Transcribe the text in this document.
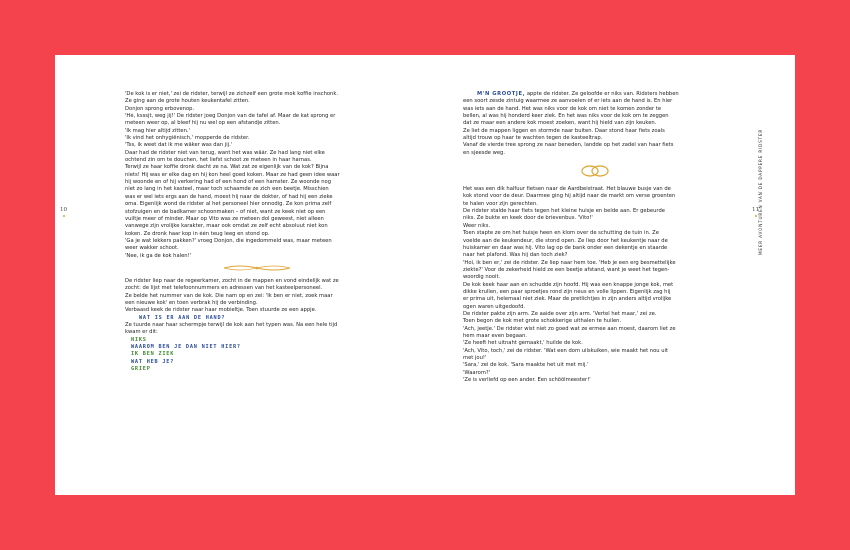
10	11
MEER AVONTUREN VAN DE DAPPERE RIDSTER

'De kok is er niet,' zei de ridster, terwijl ze zichzelf een grote mok koffie inschonk.

Ze ging aan de grote houten keukentafel zitten.

Donjon sprong erbovenop.

'Hé, ksssjt, weg jij!' De ridster joeg Donjon van de tafel af. Maar de kat sprong er

meteen weer op, al bleef hij nu wel op een afstandje zitten.

'Ik mag hier altijd zitten.'

'Ik vind het onhygiënisch,' mopperde de ridster.

'Tss, ik weet dat ik me wäker was dan jij.'

Daar had de ridster niet van terug, want het was wäár. Ze had lang niet elke

ochtend zin om te douchen, het liefst schoot ze meteen in haar harnas.

Terwijl ze haar koffie dronk dacht ze na. Wat zat ze eigenlijk van de kok? Bijna

niets! Hij was er elke dag en hij kon heel goed koken. Maar ze had geen idee waar

hij woonde en of hij verkering had of een hond of een hamster. Ze woonde nog

niet zo lang in het kasteel, maar toch schaamde ze zich een beetje. Misschien

was er wel iets ergs aan de hand, moest hij naar de dokter, of had hij een zieke

oma. Eigenlijk wond de ridster al het personeel hier onnodig. Ze kon prima zelf

stofzuigen en de badkamer schoonmaken – of niet, want ze keek niet op een

vuiltje meer of minder. Maar op Vito was ze meteen dol geweest, niet alleen

vanwege zijn vrolijke karakter, maar ook omdat ze zelf echt absoluut niet kon

koken. Ze dronk haar kop in één teug leeg en stond op.

'Ga je wat lekkers pakken?' vroeg Donjon, die ingedommeld was, maar meteen

weer wakker schoot.

'Nee, ik ga de kok halen!'

De ridster liep naar de regeerkamer, zocht in de mappen en vond eindelijk wat ze

zocht: de lijst met telefoonnummers en adressen van het kasteelpersoneel.

Ze belde het nummer van de kok. Die nam op en zei: 'Ik ben er niet, zoek maar

een nieuwe kok' en toen verbrak hij de verbinding.

Verbaasd keek de ridster naar haar mobieltje. Toen stuurde ze een appje.

WAT IS ER AAN DE HAND?

Ze tuurde naar haar schermpje terwijl de kok aan het typen was. Na een hele tijd

kwam er dit:

NIKS

WAAROM BEN JE DAN NIET HIER?

IK BEN ZIEK

WAT HEB JE?

GRIEP

M'N GROOTJE, appte de ridster. Ze geloofde er niks van. Ridsters hebben

een soort zesde zintuig waarmee ze aanvoelen of er iets aan de hand is. En hier

was iets aan de hand. Het was niks voor de kok om niet te komen zonder te

bellen, al was hij honderd keer ziek. En het was niks voor de kok om te zeggen

dat ze maar een andere kok moest zoeken, want hij hield van zijn keuken.

Ze liet de mappen liggen en stormde naar buiten. Daar stond haar fiets zoals

altijd trouw op haar te wachten tegen de kasteeltrap.

Vanaf de vierde tree sprong ze naar beneden, landde op het zadel van haar fiets

en sjeesde weg.

Het was een dik halfuur fietsen naar de Aardbeistraat. Het blauwe busje van de

kok stond voor de deur. Daarmee ging hij altijd naar de markt om verse groenten

te halen voor zijn gerechten.

De ridster stalde haar fiets tegen het kleine huisje en belde aan. Er gebeurde

niks. Ze bukte en keek door de brievenbus. 'Vito!'

Weer niks.

Toen stapte ze om het huisje heen en klom over de schutting de tuin in. Ze

voelde aan de keukendeur, die stond open. Ze liep door het keukentje naar de

huiskamer en daar was hij. Vito lag op de bank onder een dekentje en staarde

naar het plafond. Was hij dan toch ziek?

'Hoi, ik ben er,' zei de ridster. Ze liep naar hem toe. 'Heb je een erg besmettelijke

ziekte?' Voor de zekerheid hield ze een beetje afstand, want je weet het tegen-

woordig nooit.

De kok keek haar aan en schudde zijn hoofd. Hij was een knappe jonge kok, met

dikke krullen, een paar sproetjes rond zijn neus en volle lippen. Eigenlijk zag hij

er prima uit, helemaal niet ziek. Maar de pretlichtjes in zijn anders altijd vrolijke

ogen waren uitgedoofd.

De ridster pakte zijn arm. Ze aaide over zijn arm. 'Vertel het maar,' zei ze.

Toen begon de kok met grote schokkerige uithalen te huilen.

'Ach, jeetje.' De ridster wist niet zo goed wat ze ermee aan moest, daarom liet ze

hem maar even begaan.

'Ze heeft het uitnaht gemaakt,' huilde de kok.

'Ach, Vito, toch,' zei de ridster. 'Wat een dom uilskuiken, wie maakt het nou uit

met jou!'

'Sara,' zei de kok. 'Sara maakte het uit met mij.'

'Waarom?'

'Ze is verliefd op een ander. Een schöölmeester!'
